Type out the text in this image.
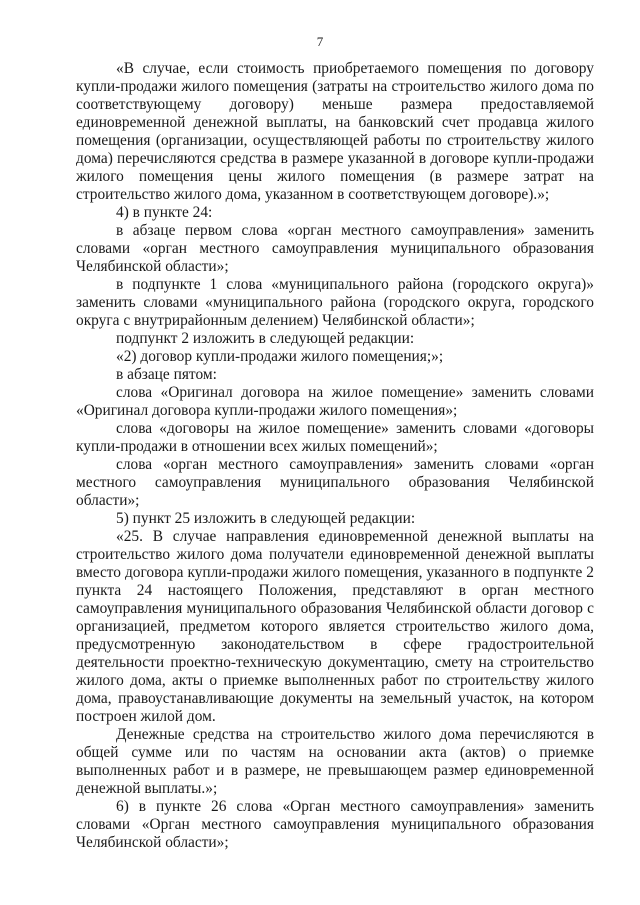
7

«В случае, если стоимость приобретаемого помещения по договору купли-продажи жилого помещения (затраты на строительство жилого дома по соответствующему договору) меньше размера предоставляемой единовременной денежной выплаты, на банковский счет продавца жилого помещения (организации, осуществляющей работы по строительству жилого дома) перечисляются средства в размере указанной в договоре купли-продажи жилого помещения цены жилого помещения (в размере затрат на строительство жилого дома, указанном в соответствующем договоре).»;

4) в пункте 24:

в абзаце первом слова «орган местного самоуправления» заменить словами «орган местного самоуправления муниципального образования Челябинской области»;

в подпункте 1 слова «муниципального района (городского округа)» заменить словами «муниципального района (городского округа, городского округа с внутрирайонным делением) Челябинской области»;

подпункт 2 изложить в следующей редакции:

«2) договор купли-продажи жилого помещения;»;

в абзаце пятом:

слова «Оригинал договора на жилое помещение» заменить словами «Оригинал договора купли-продажи жилого помещения»;

слова «договоры на жилое помещение» заменить словами «договоры купли-продажи в отношении всех жилых помещений»;

слова «орган местного самоуправления» заменить словами «орган местного самоуправления муниципального образования Челябинской области»;

5) пункт 25 изложить в следующей редакции:

«25. В случае направления единовременной денежной выплаты на строительство жилого дома получатели единовременной денежной выплаты вместо договора купли-продажи жилого помещения, указанного в подпункте 2 пункта 24 настоящего Положения, представляют в орган местного самоуправления муниципального образования Челябинской области договор с организацией, предметом которого является строительство жилого дома, предусмотренную законодательством в сфере градостроительной деятельности проектно-техническую документацию, смету на строительство жилого дома, акты о приемке выполненных работ по строительству жилого дома, правоустанавливающие документы на земельный участок, на котором построен жилой дом.

Денежные средства на строительство жилого дома перечисляются в общей сумме или по частям на основании акта (актов) о приемке выполненных работ и в размере, не превышающем размер единовременной денежной выплаты.»;

6) в пункте 26 слова «Орган местного самоуправления» заменить словами «Орган местного самоуправления муниципального образования Челябинской области»;
